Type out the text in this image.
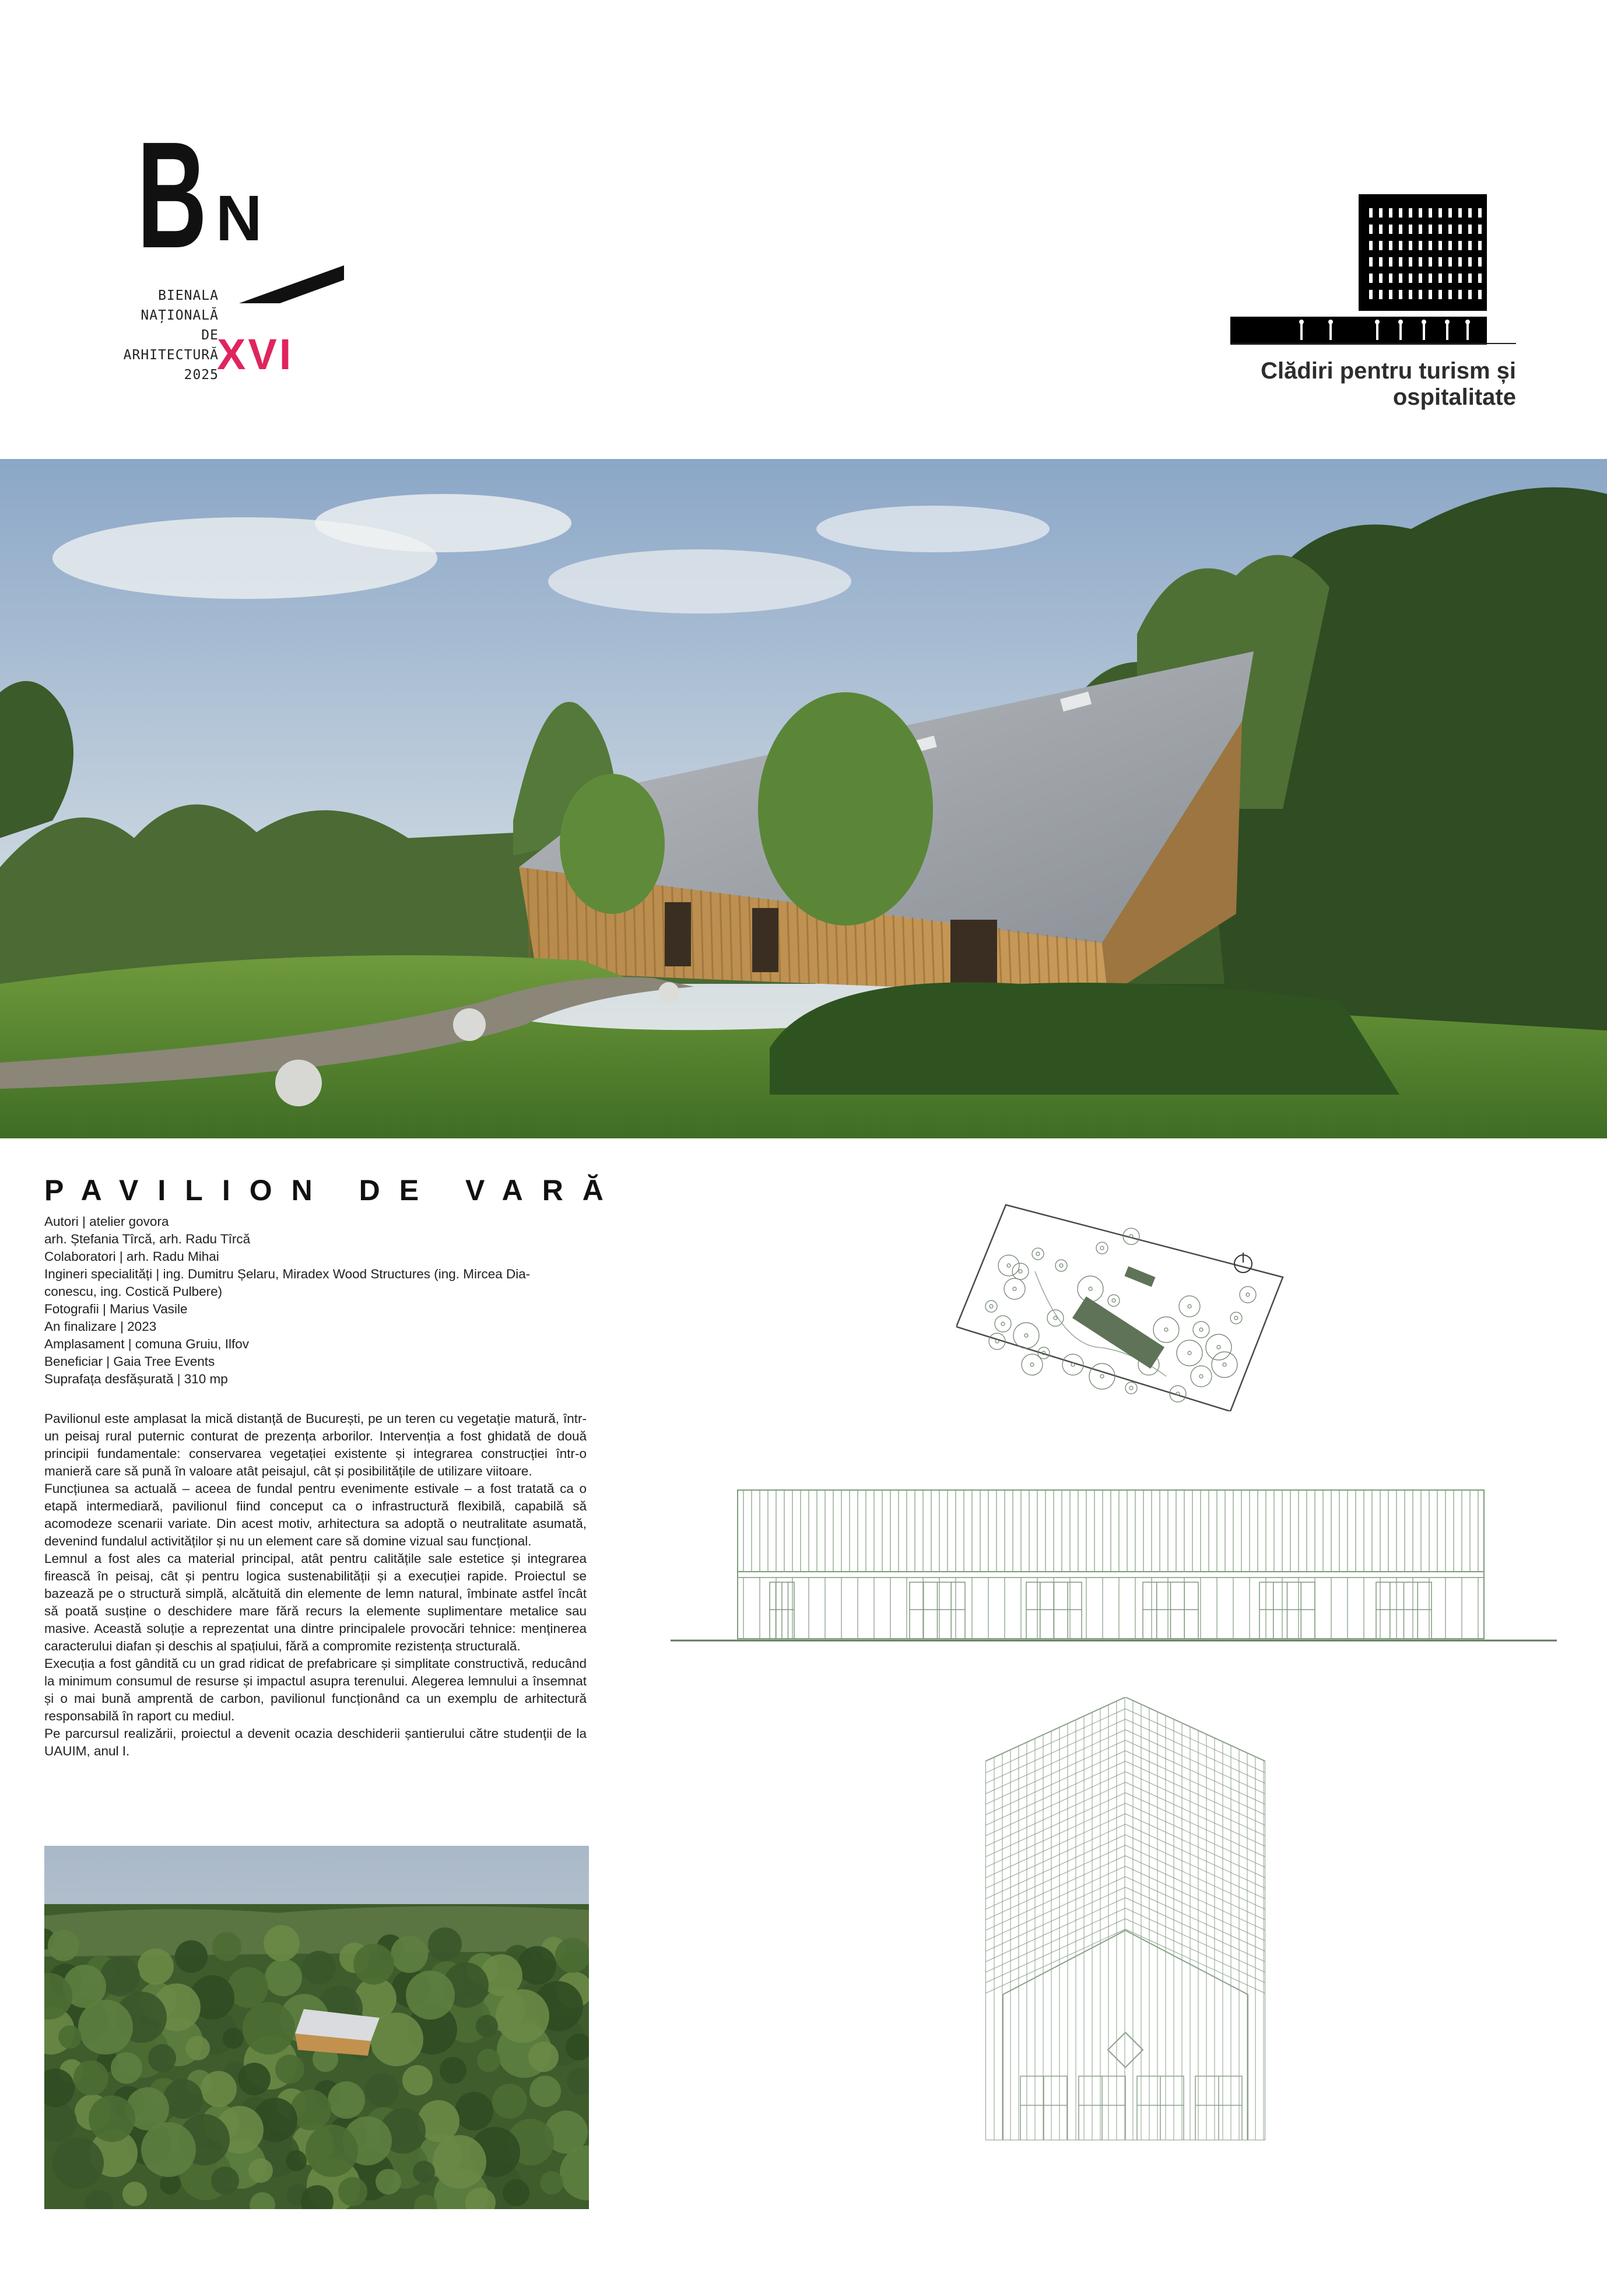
B N
BIENALA
NAȚIONALĂ
DE
ARHITECTURĂ
2025
XVI	Clădiri pentru turism și ospitalitate
PAVILION DE VARĂ
Autori | atelier govora
arh. Ștefania Tîrcă, arh. Radu Tîrcă
Colaboratori | arh. Radu Mihai
Ingineri specialități | ing. Dumitru Șelaru, Miradex Wood Structures (ing. Mircea Dia-
conescu, ing. Costică Pulbere)
Fotografii | Marius Vasile
An finalizare | 2023
Amplasament | comuna Gruiu, Ilfov
Beneficiar | Gaia Tree Events
Suprafața desfășurată | 310 mp

Pavilionul este amplasat la mică distanță de București, pe un teren cu vegetație matură, într-un peisaj rural puternic conturat de prezența arborilor. Intervenția a fost ghidată de două principii fundamentale: conservarea vegetației existente și integrarea construcției într-o manieră care să pună în valoare atât peisajul, cât și posibilitățile de utilizare viitoare.

Funcțiunea sa actuală – aceea de fundal pentru evenimente estivale – a fost tratată ca o etapă intermediară, pavilionul fiind conceput ca o infrastructură flexibilă, capabilă să acomodeze scenarii variate. Din acest motiv, arhitectura sa adoptă o neutralitate asumată, devenind fundalul activităților și nu un element care să domine vizual sau funcțional.

Lemnul a fost ales ca material principal, atât pentru calitățile sale estetice și integrarea firească în peisaj, cât și pentru logica sustenabilității și a execuției rapide. Proiectul se bazează pe o structură simplă, alcătuită din elemente de lemn natural, îmbinate astfel încât să poată susține o deschidere mare fără recurs la elemente suplimentare metalice sau masive. Această soluție a reprezentat una dintre principalele provocări tehnice: menținerea caracterului diafan și deschis al spațiului, fără a compromite rezistența structurală.

Execuția a fost gândită cu un grad ridicat de prefabricare și simplitate constructivă, reducând la minimum consumul de resurse și impactul asupra terenului. Alegerea lemnului a însemnat și o mai bună amprentă de carbon, pavilionul funcționând ca un exemplu de arhitectură responsabilă în raport cu mediul.

Pe parcursul realizării, proiectul a devenit ocazia deschiderii șantierului către studenții de la UAUIM, anul I.
